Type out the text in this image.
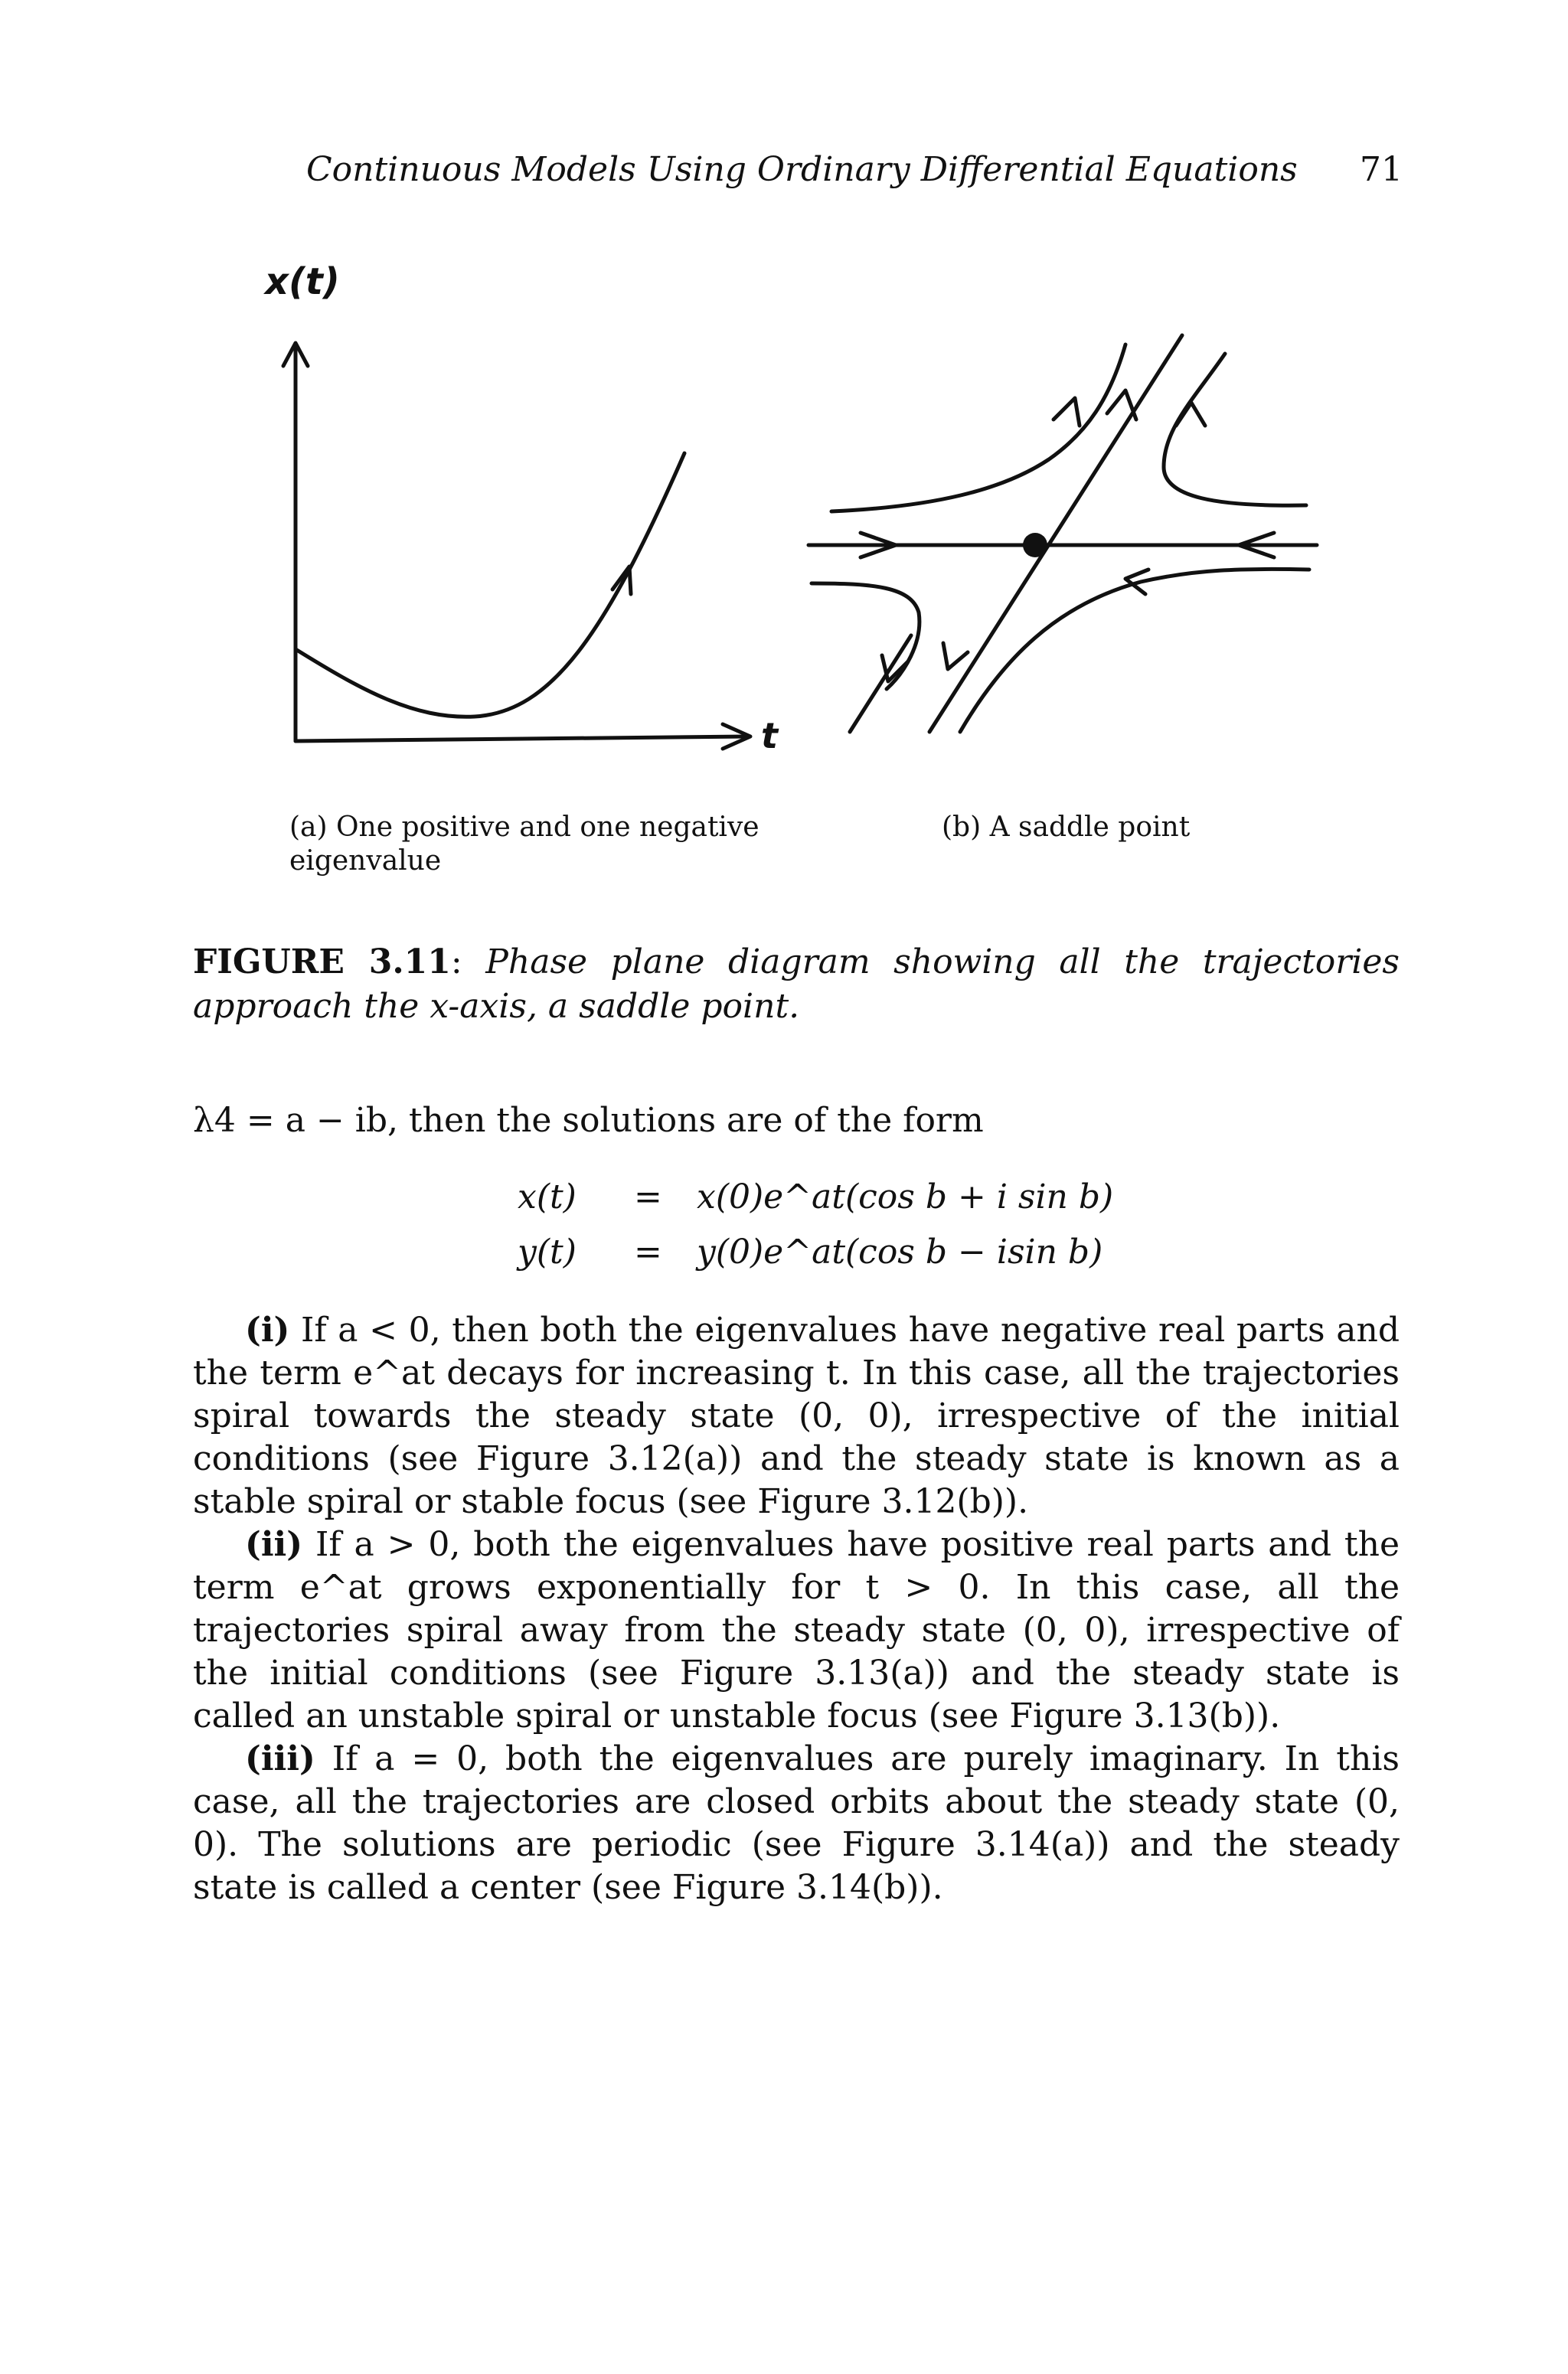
Continuous Models Using Ordinary Differential Equations 71
x(t)
t
(a) One positive and one negative
eigenvalue
(b) A saddle point
FIGURE 3.11: Phase plane diagram showing all the trajectories approach the x-axis, a saddle point.

λ4 = a − ib, then the solutions are of the form

x(t) = x(0)e^at(cos b + i sin b)
y(t) = y(0)e^at(cos b − isin b)

(i) If a < 0, then both the eigenvalues have negative real parts and the term e^at decays for increasing t. In this case, all the trajectories spiral towards the steady state (0, 0), irrespective of the initial conditions (see Figure 3.12(a)) and the steady state is known as a stable spiral or stable focus (see Figure 3.12(b)).

(ii) If a > 0, both the eigenvalues have positive real parts and the term e^at grows exponentially for t > 0. In this case, all the trajectories spiral away from the steady state (0, 0), irrespective of the initial conditions (see Figure 3.13(a)) and the steady state is called an unstable spiral or unstable focus (see Figure 3.13(b)).

(iii) If a = 0, both the eigenvalues are purely imaginary. In this case, all the trajectories are closed orbits about the steady state (0, 0). The solutions are periodic (see Figure 3.14(a)) and the steady state is called a center (see Figure 3.14(b)).
